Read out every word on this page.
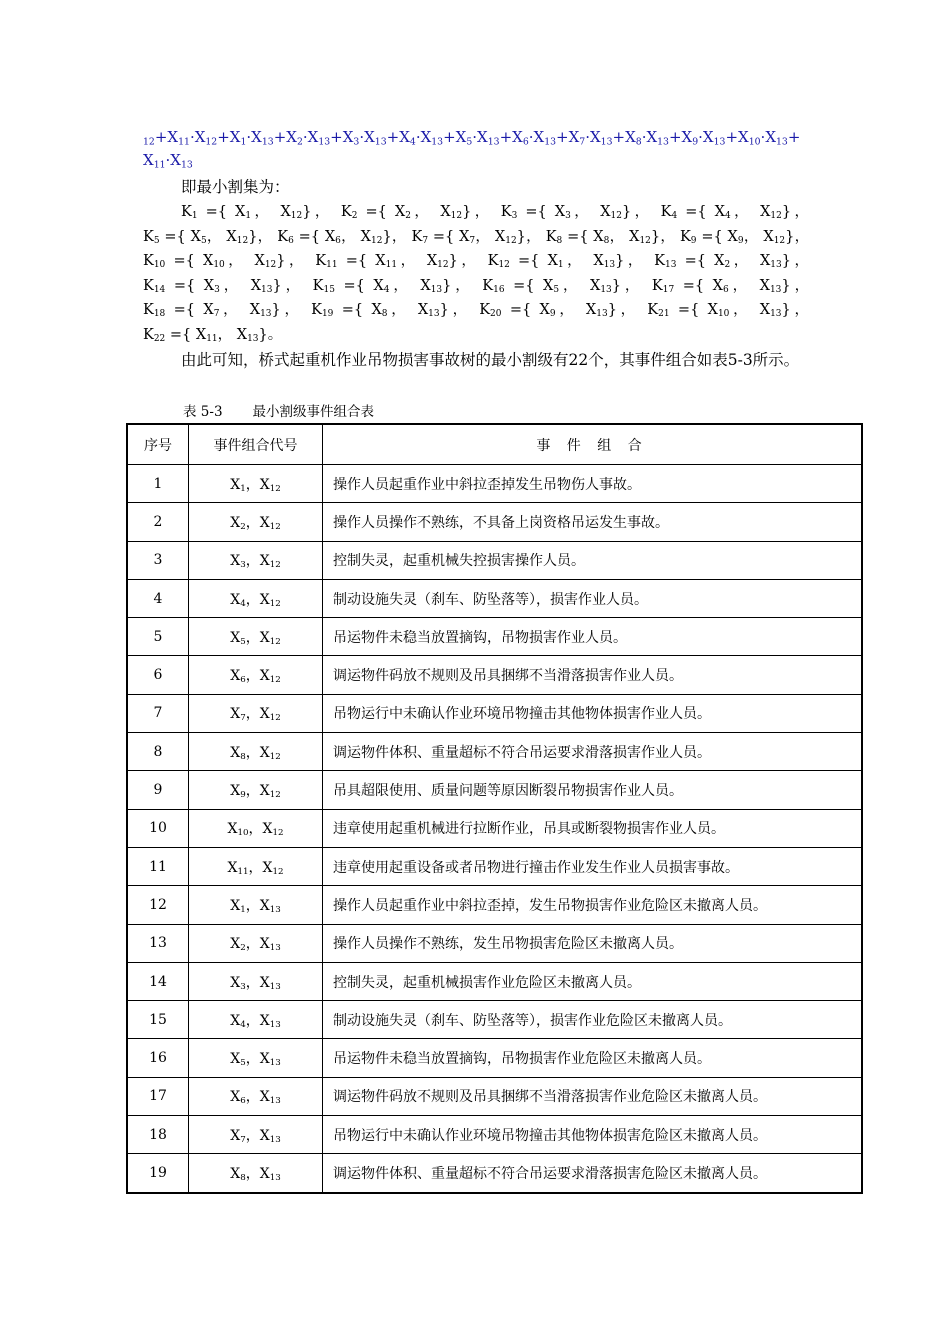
$_{12}+X_{11}\cdot X_{12}+X_1\cdot X_{13}+X_2\cdot X_{13}+X_3\cdot X_{13}+X_4\cdot X_{13}+X_5\cdot X_{13}+X_6\cdot X_{13}+X_7\cdot X_{13}+X_8\cdot X_{13}+X_9\cdot X_{13}+X_{10}\cdot X_{13}+X_{11}\cdot X_{13}$
即最小割集为：
$K_1$ ={ $X_1$， $X_{12}$}， $K_2$ ={ $X_2$， $X_{12}$}， $K_3$ ={ $X_3$， $X_{12}$}， $K_4$ ={ $X_4$， $X_{12}$}， $K_5$ ={ $X_5$， $X_{12}$}， $K_6$ ={ $X_6$， $X_{12}$}， $K_7$ ={ $X_7$， $X_{12}$}， $K_8$ ={ $X_8$， $X_{12}$}， $K_9$ ={ $X_9$， $X_{12}$}， $K_{10}$ ={ $X_{10}$， $X_{12}$}， $K_{11}$ ={ $X_{11}$， $X_{12}$}， $K_{12}$ ={ $X_1$， $X_{13}$}， $K_{13}$ ={ $X_2$， $X_{13}$}， $K_{14}$ ={ $X_3$， $X_{13}$}， $K_{15}$ ={ $X_4$， $X_{13}$}， $K_{16}$ ={ $X_5$， $X_{13}$}， $K_{17}$ ={ $X_6$， $X_{13}$}， $K_{18}$ ={ $X_7$， $X_{13}$}， $K_{19}$ ={ $X_8$， $X_{13}$}， $K_{20}$ ={ $X_9$， $X_{13}$}， $K_{21}$ ={ $X_{10}$， $X_{13}$}， $K_{22}$ ={ $X_{11}$， $X_{13}$}。
由此可知，桥式起重机作业吊物损害事故树的最小割级有22个，其事件组合如表5-3所示。
表 5-3 最小割级事件组合表
序号	事件组合代号	事 件 组 合
1	$X_1$，$X_{12}$	操作人员起重作业中斜拉歪掉发生吊物伤人事故。
2	$X_2$，$X_{12}$	操作人员操作不熟练，不具备上岗资格吊运发生事故。
3	$X_3$，$X_{12}$	控制失灵，起重机械失控损害操作人员。
4	$X_4$，$X_{12}$	制动设施失灵（刹车、防坠落等），损害作业人员。
5	$X_5$，$X_{12}$	吊运物件未稳当放置摘钩，吊物损害作业人员。
6	$X_6$，$X_{12}$	调运物件码放不规则及吊具捆绑不当滑落损害作业人员。
7	$X_7$，$X_{12}$	吊物运行中未确认作业环境吊物撞击其他物体损害作业人员。
8	$X_8$，$X_{12}$	调运物件体积、重量超标不符合吊运要求滑落损害作业人员。
9	$X_9$，$X_{12}$	吊具超限使用、质量问题等原因断裂吊物损害作业人员。
10	$X_{10}$，$X_{12}$	违章使用起重机械进行拉断作业，吊具或断裂物损害作业人员。
11	$X_{11}$，$X_{12}$	违章使用起重设备或者吊物进行撞击作业发生作业人员损害事故。
12	$X_1$，$X_{13}$	操作人员起重作业中斜拉歪掉，发生吊物损害作业危险区未撤离人员。
13	$X_2$，$X_{13}$	操作人员操作不熟练，发生吊物损害危险区未撤离人员。
14	$X_3$，$X_{13}$	控制失灵，起重机械损害作业危险区未撤离人员。
15	$X_4$，$X_{13}$	制动设施失灵（刹车、防坠落等），损害作业危险区未撤离人员。
16	$X_5$，$X_{13}$	吊运物件未稳当放置摘钩，吊物损害作业危险区未撤离人员。
17	$X_6$，$X_{13}$	调运物件码放不规则及吊具捆绑不当滑落损害作业危险区未撤离人员。
18	$X_7$，$X_{13}$	吊物运行中未确认作业环境吊物撞击其他物体损害危险区未撤离人员。
19	$X_8$，$X_{13}$	调运物件体积、重量超标不符合吊运要求滑落损害危险区未撤离人员。
